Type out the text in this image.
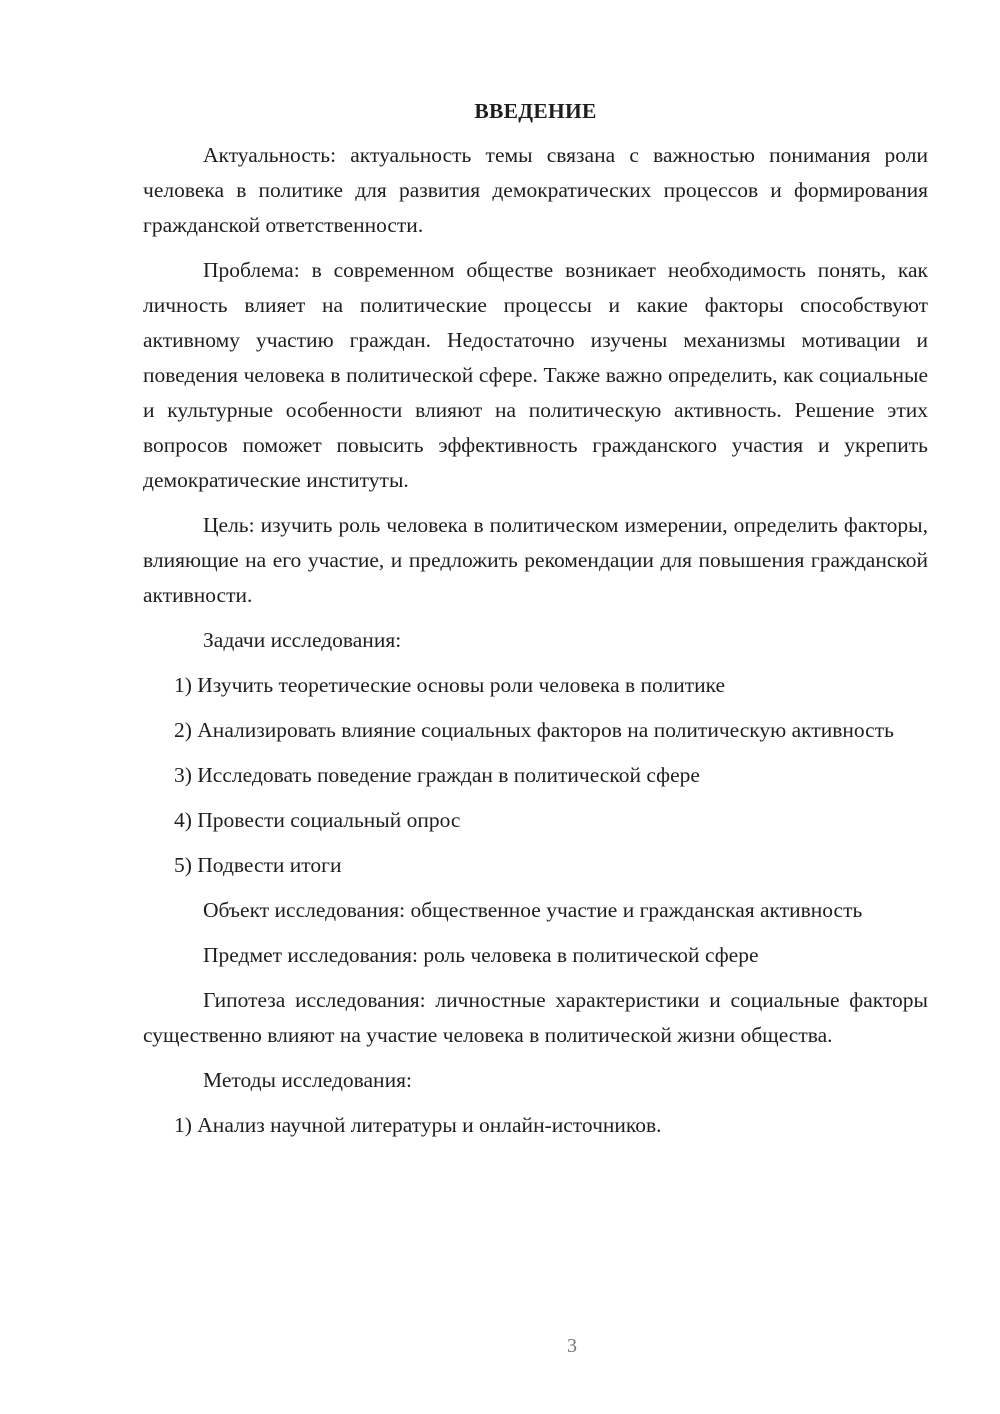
ВВЕДЕНИЕ

Актуальность: актуальность темы связана с важностью понимания роли человека в политике для развития демократических процессов и формирования гражданской ответственности.

Проблема: в современном обществе возникает необходимость понять, как личность влияет на политические процессы и какие факторы способствуют активному участию граждан. Недостаточно изучены механизмы мотивации и поведения человека в политической сфере. Также важно определить, как социальные и культурные особенности влияют на политическую активность. Решение этих вопросов поможет повысить эффективность гражданского участия и укрепить демократические институты.

Цель: изучить роль человека в политическом измерении, определить факторы, влияющие на его участие, и предложить рекомендации для повышения гражданской активности.

Задачи исследования:

1) Изучить теоретические основы роли человека в политике

2) Анализировать влияние социальных факторов на политическую активность

3) Исследовать поведение граждан в политической сфере

4) Провести социальный опрос

5) Подвести итоги

Объект исследования: общественное участие и гражданская активность

Предмет исследования: роль человека в политической сфере

Гипотеза исследования: личностные характеристики и социальные факторы существенно влияют на участие человека в политической жизни общества.

Методы исследования:

1) Анализ научной литературы и онлайн-источников.

3
